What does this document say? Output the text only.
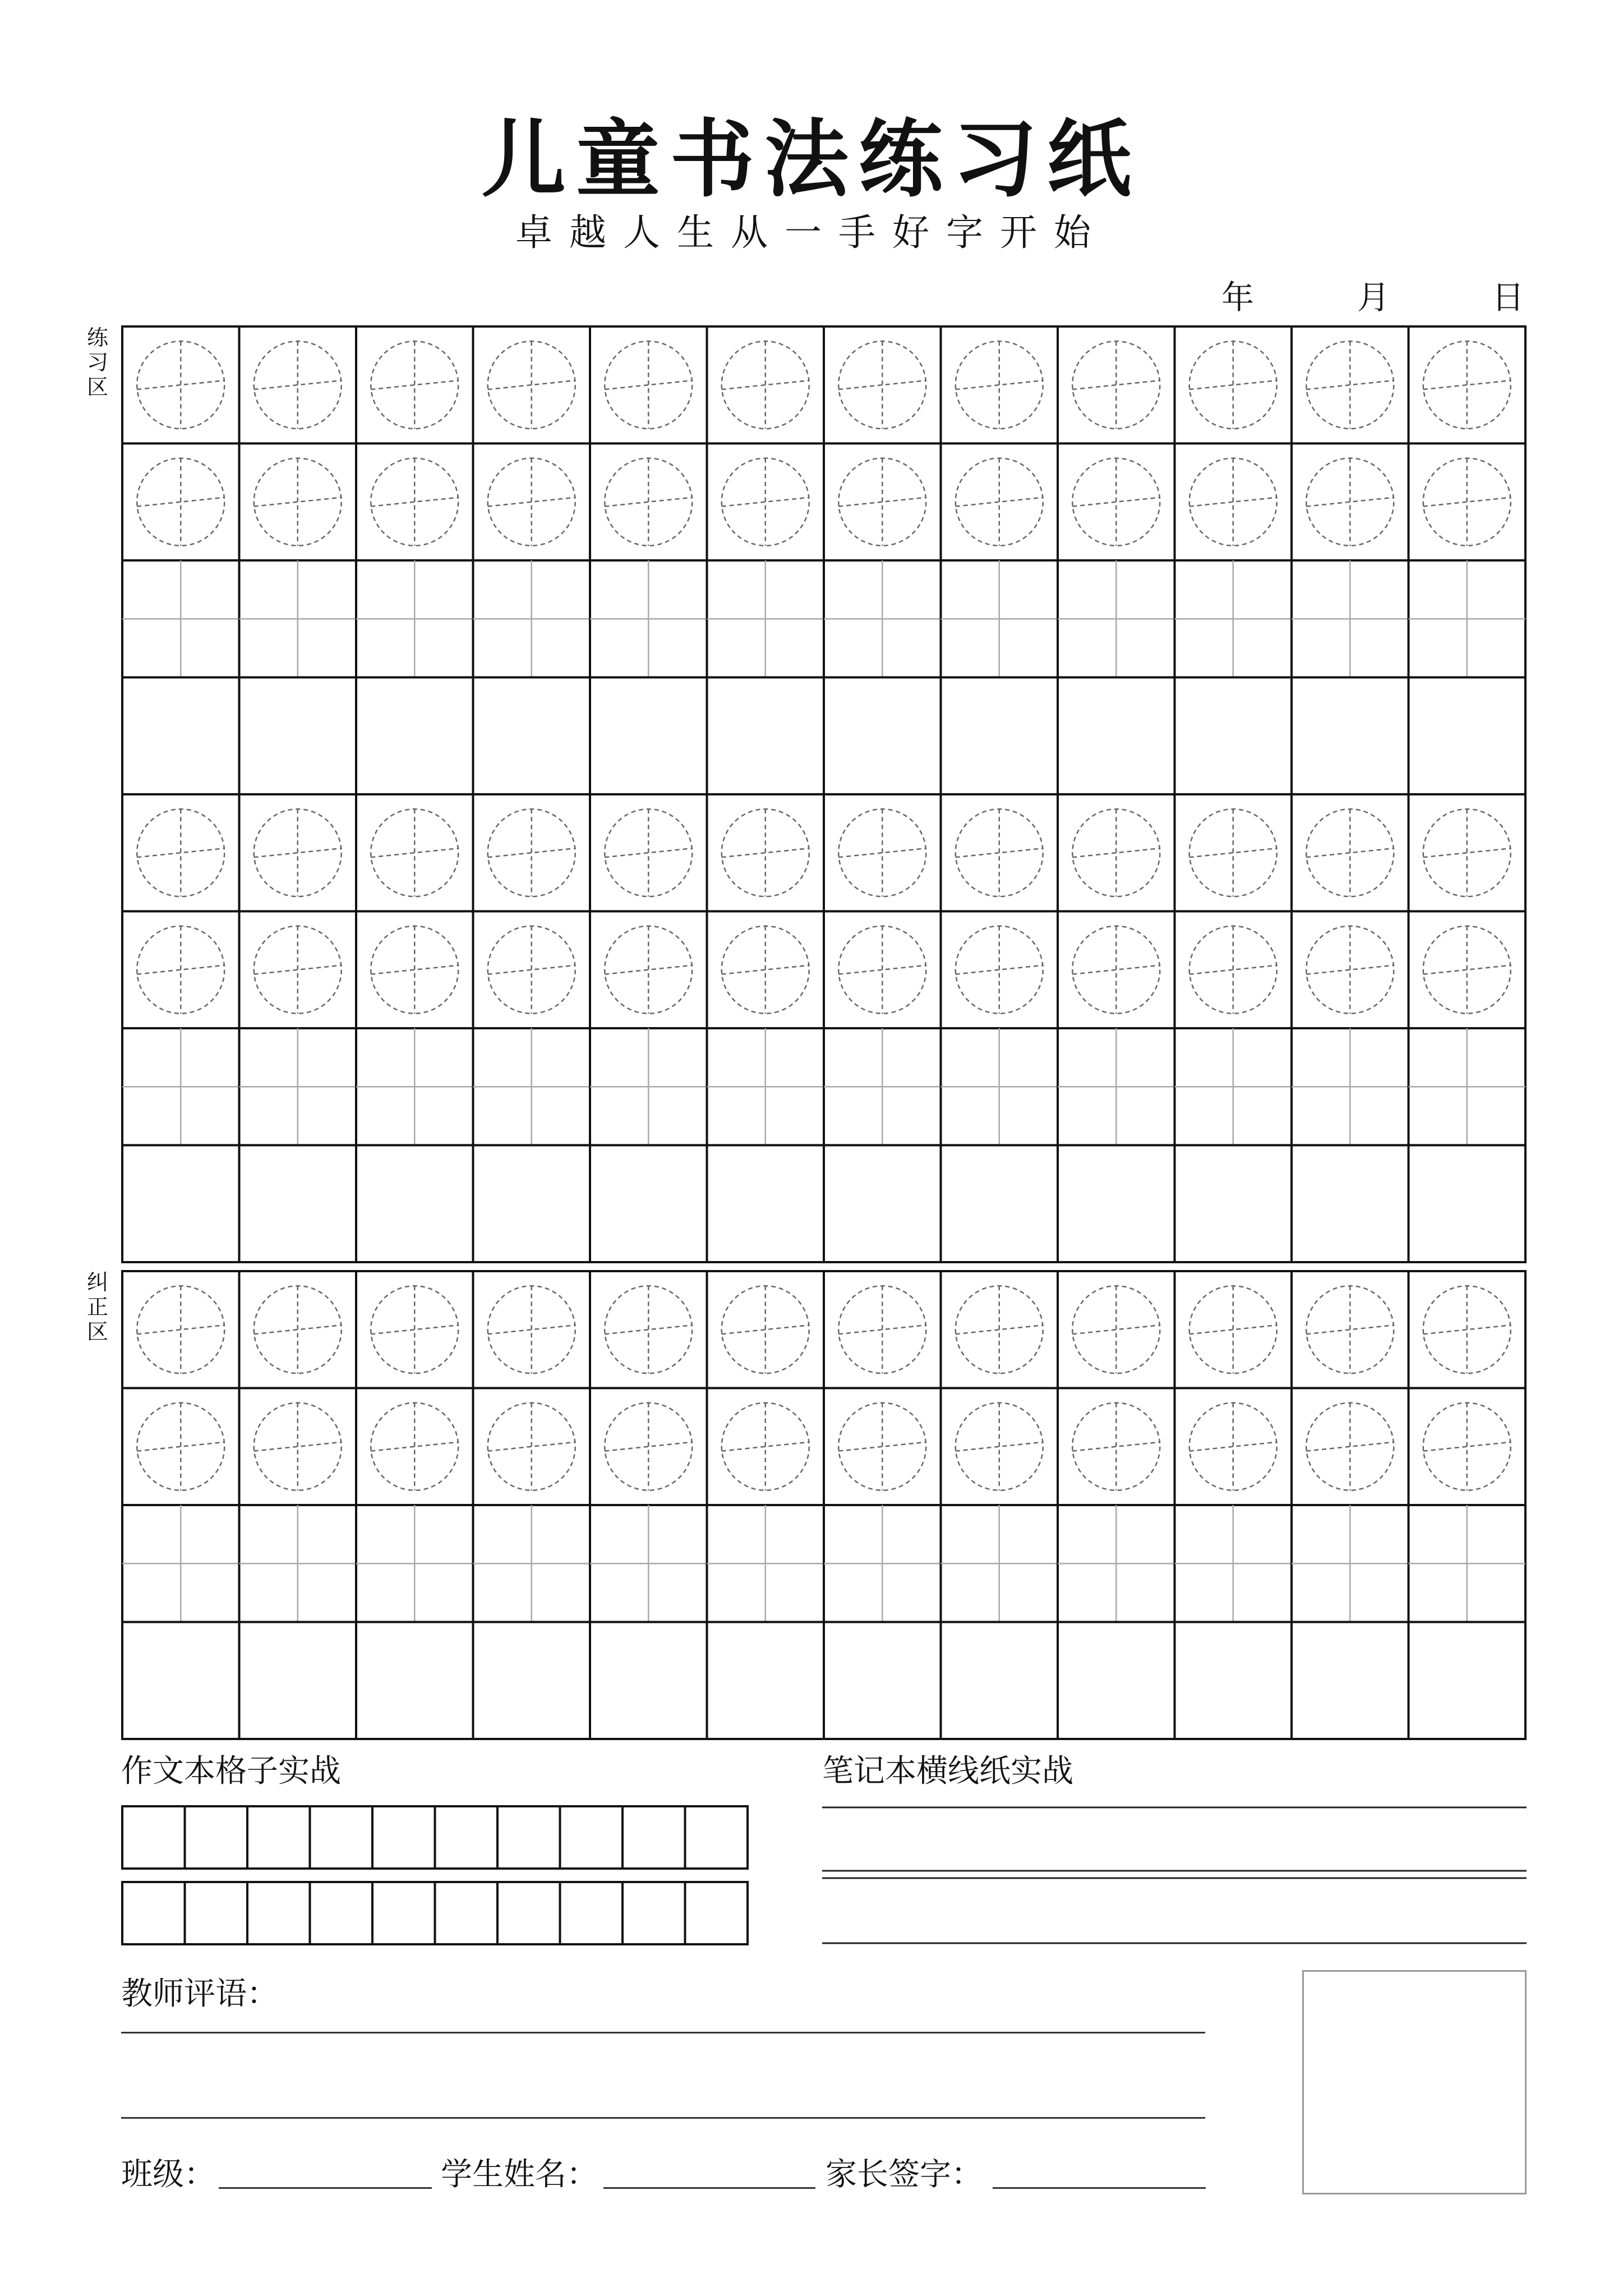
儿童书法练习纸
卓越人生从一手好字开始
年	月	日
练
习
区
纠
正
区
作文本格子实战	笔记本横线纸实战
教师评语：
班级：	学生姓名：	家长签字：
